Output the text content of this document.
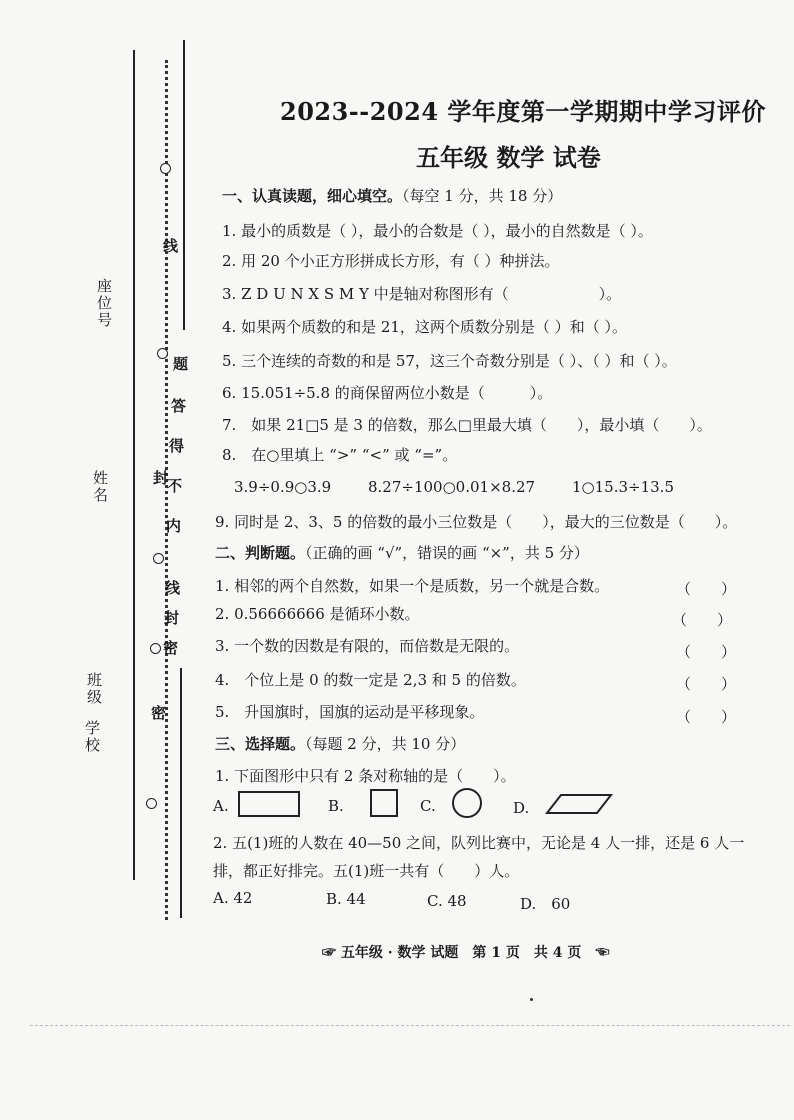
线
题
答
得
不
封
内
线
封
密
密
座位号
姓名
班级
学校
2023--2024 学年度第一学期期中学习评价
五年级 数学 试卷
一、认真读题，细心填空。（每空 1 分，共 18 分）
1. 最小的质数是（ ），最小的合数是（ ），最小的自然数是（ ）。
2. 用 20 个小正方形拼成长方形，有（ ）种拼法。
3. Z D U N X S M Y 中是轴对称图形有（　　　　　　）。
4. 如果两个质数的和是 21，这两个质数分别是（ ）和（ ）。
5. 三个连续的奇数的和是 57，这三个奇数分别是（ ）、（ ）和（ ）。
6. 15.051÷5.8 的商保留两位小数是（　　　）。
7.　如果 21□5 是 3 的倍数，那么□里最大填（　　），最小填（　　）。
8.　在○里填上 “>” “<” 或 “=”。
3.9÷0.9○3.9 8.27÷100○0.01×8.27 1○15.3÷13.5
9. 同时是 2、3、5 的倍数的最小三位数是（　　），最大的三位数是（　　）。
二、判断题。（正确的画 “√”，错误的画 “×”，共 5 分）
1. 相邻的两个自然数，如果一个是质数，另一个就是合数。	（　　）
2. 0.56666666 是循环小数。	（　　）
3. 一个数的因数是有限的，而倍数是无限的。	（　　）
4.　个位上是 0 的数一定是 2,3 和 5 的倍数。	（　　）
5.　升国旗时，国旗的运动是平移现象。	（　　）
三、选择题。（每题 2 分，共 10 分）
1. 下面图形中只有 2 条对称轴的是（　　）。
A.	B.	C.	D.
2. 五(1)班的人数在 40—50 之间，队列比赛中，无论是 4 人一排，还是 6 人一
排，都正好排完。五(1)班一共有（　　）人。
A. 42	B. 44	C. 48	D.　60
☞ 五年级 · 数学 试题　第 1 页　共 4 页　☜
